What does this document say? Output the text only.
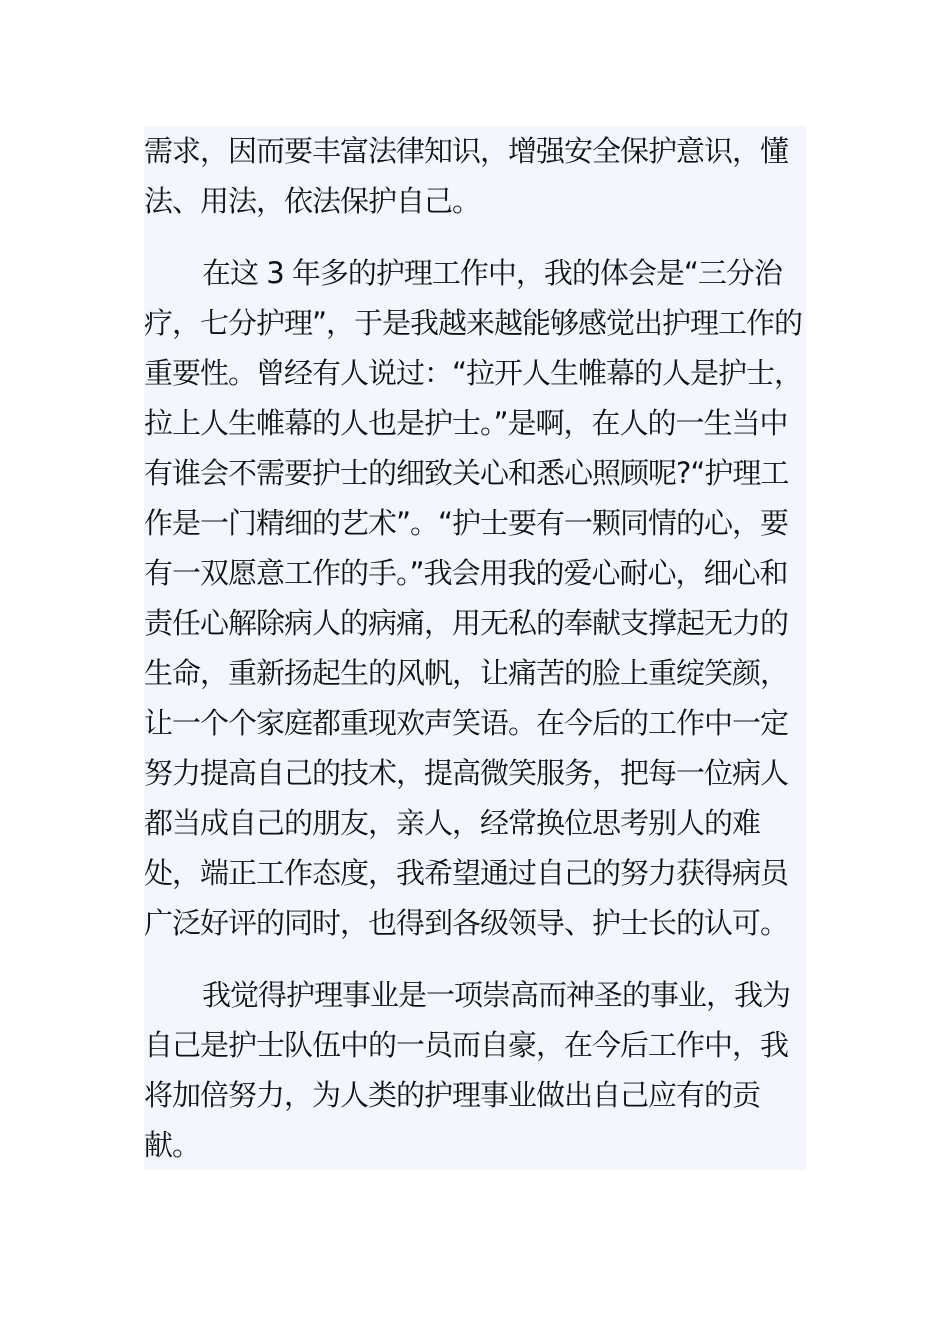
需求，因而要丰富法律知识，增强安全保护意识，懂法、用法，依法保护自己。

在这 3 年多的护理工作中，我的体会是“三分治疗，七分护理”，于是我越来越能够感觉出护理工作的重要性。曾经有人说过：“拉开人生帷幕的人是护士，拉上人生帷幕的人也是护士。”是啊，在人的一生当中有谁会不需要护士的细致关心和悉心照顾呢?“护理工作是一门精细的艺术”。“护士要有一颗同情的心，要有一双愿意工作的手。”我会用我的爱心耐心，细心和责任心解除病人的病痛，用无私的奉献支撑起无力的生命，重新扬起生的风帆，让痛苦的脸上重绽笑颜，让一个个家庭都重现欢声笑语。在今后的工作中一定努力提高自己的技术，提高微笑服务，把每一位病人都当成自己的朋友，亲人，经常换位思考别人的难处，端正工作态度，我希望通过自己的努力获得病员广泛好评的同时，也得到各级领导、护士长的认可。

我觉得护理事业是一项崇高而神圣的事业，我为自己是护士队伍中的一员而自豪，在今后工作中，我将加倍努力，为人类的护理事业做出自己应有的贡献。
